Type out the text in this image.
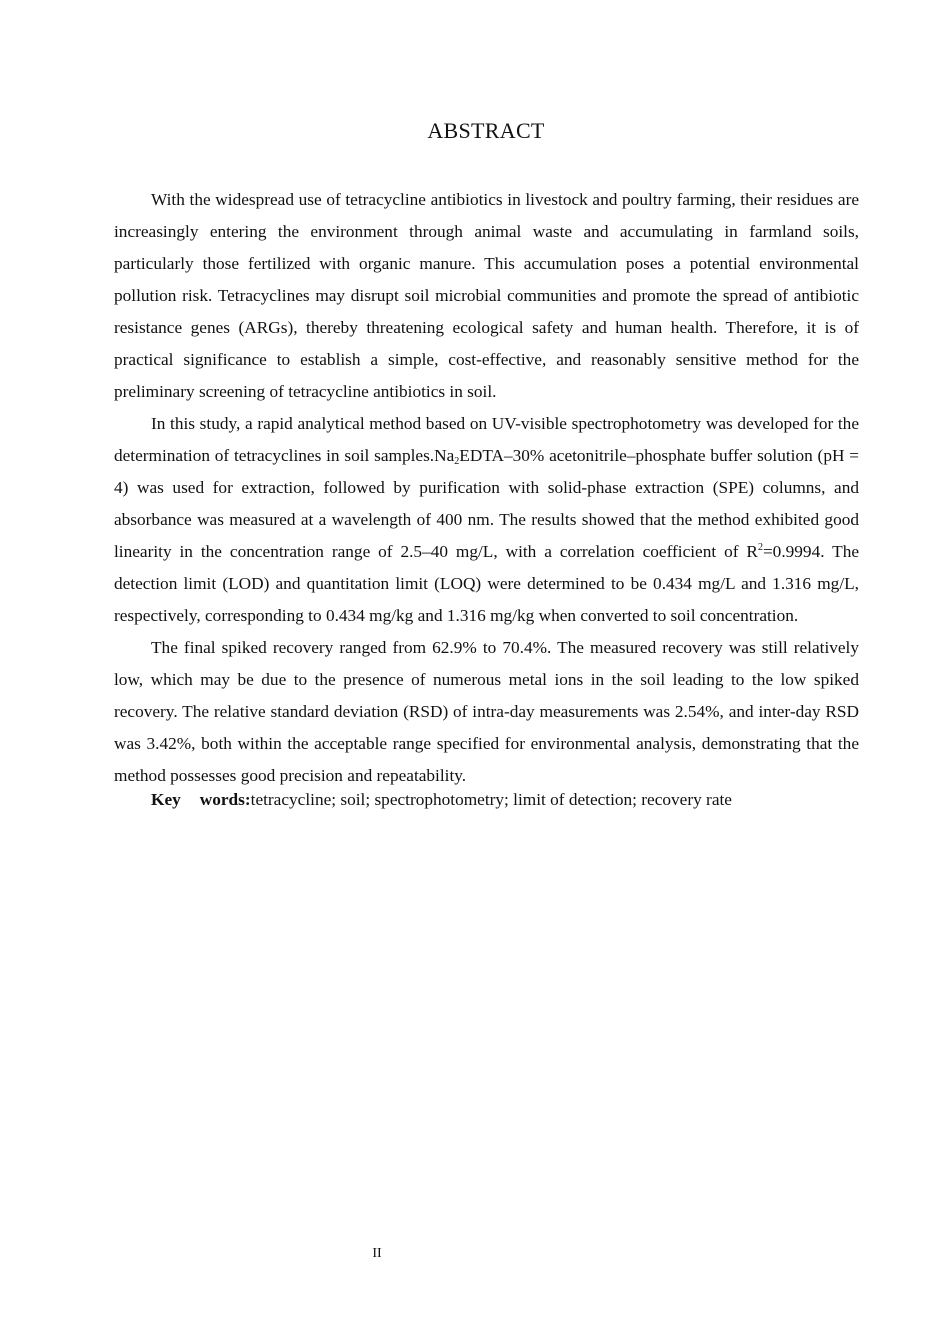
ABSTRACT

With the widespread use of tetracycline antibiotics in livestock and poultry farming, their residues are increasingly entering the environment through animal waste and accumulating in farmland soils, particularly those fertilized with organic manure. This accumulation poses a potential environmental pollution risk. Tetracyclines may disrupt soil microbial communities and promote the spread of antibiotic resistance genes (ARGs), thereby threatening ecological safety and human health. Therefore, it is of practical significance to establish a simple, cost-effective, and reasonably sensitive method for the preliminary screening of tetracycline antibiotics in soil.

In this study, a rapid analytical method based on UV-visible spectrophotometry was developed for the determination of tetracyclines in soil $samples.Na_2EDTA-30\%$ acetonitrile–phosphate buffer solution (pH = 4) was used for extraction, followed by purification with solid-phase extraction (SPE) columns, and absorbance was measured at a wavelength of 400 nm. The results showed that the method exhibited good linearity in the concentration range of 2.5–40 mg/L, with a correlation coefficient of $R^2=0.9994$. The detection limit (LOD) and quantitation limit (LOQ) were determined to be 0.434 mg/L and 1.316 mg/L, respectively, corresponding to 0.434 mg/kg and 1.316 mg/kg when converted to soil concentration.

The final spiked recovery ranged from 62.9% to 70.4%. The measured recovery was still relatively low, which may be due to the presence of numerous metal ions in the soil leading to the low spiked recovery. The relative standard deviation (RSD) of intra-day measurements was 2.54%, and inter-day RSD was 3.42%, both within the acceptable range specified for environmental analysis, demonstrating that the method possesses good precision and repeatability.

Key words:tetracycline; soil; spectrophotometry; limit of detection; recovery rate

II
